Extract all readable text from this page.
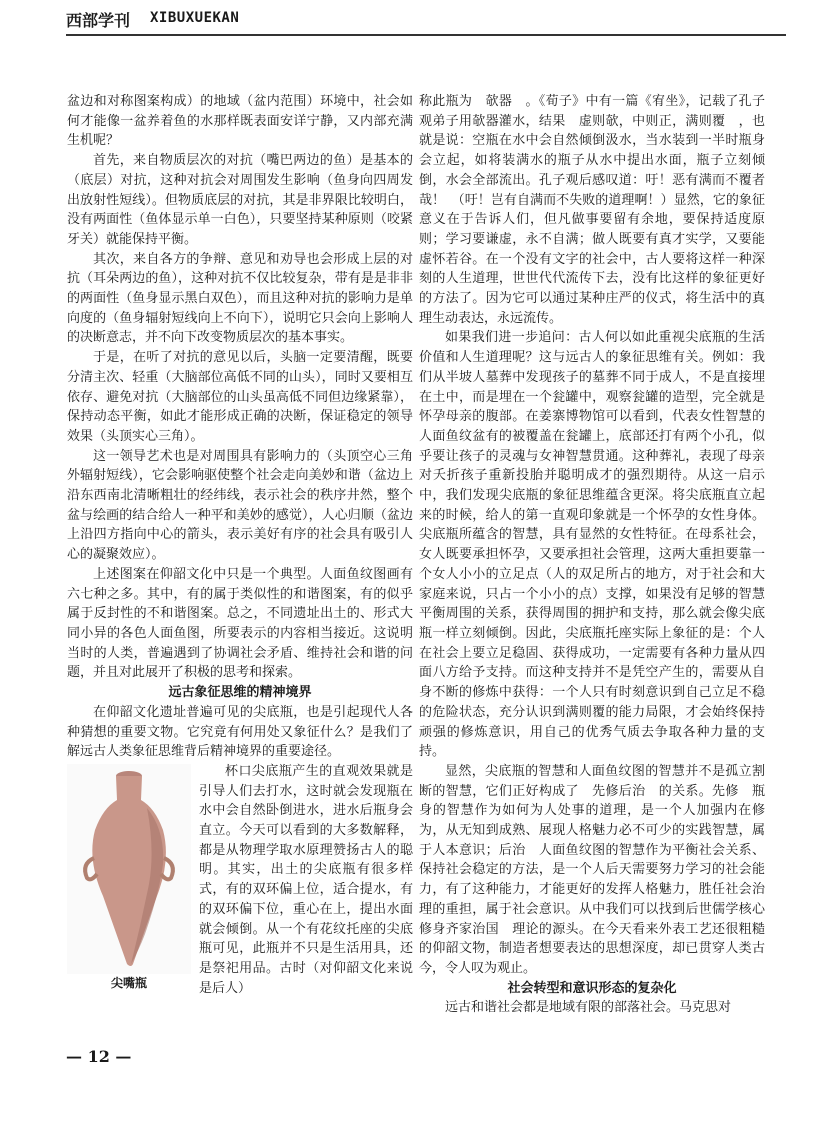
西部学刊 XIBUXUEKAN

盆边和对称图案构成）的地域（盆内范围）环境中，社会如何才能像一盆养着鱼的水那样既表面安详宁静，又内部充满生机呢？

首先，来自物质层次的对抗（嘴巴两边的鱼）是基本的（底层）对抗，这种对抗会对周围发生影响（鱼身向四周发出放射性短线）。但物质底层的对抗，其是非界限比较明白，没有两面性（鱼体显示单一白色），只要坚持某种原则（咬紧牙关）就能保持平衡。

其次，来自各方的争辩、意见和劝导也会形成上层的对抗（耳朵两边的鱼），这种对抗不仅比较复杂，带有是是非非的两面性（鱼身显示黑白双色），而且这种对抗的影响力是单向度的（鱼身辐射短线向上不向下），说明它只会向上影响人的决断意志，并不向下改变物质层次的基本事实。

于是，在听了对抗的意见以后，头脑一定要清醒，既要分清主次、轻重（大脑部位高低不同的山头），同时又要相互依存、避免对抗（大脑部位的山头虽高低不同但边缘紧靠），保持动态平衡，如此才能形成正确的决断，保证稳定的领导效果（头顶实心三角）。

这一领导艺术也是对周围具有影响力的（头顶空心三角外辐射短线），它会影响驱使整个社会走向美妙和谐（盆边上沿东西南北清晰粗壮的经纬线，表示社会的秩序井然，整个盆与绘画的结合给人一种平和美妙的感觉），人心归顺（盆边上沿四方指向中心的箭头，表示美好有序的社会具有吸引人心的凝聚效应）。

上述图案在仰韶文化中只是一个典型。人面鱼纹图画有六七种之多。其中，有的属于类似性的和谐图案，有的似乎属于反封性的不和谐图案。总之，不同遗址出土的、形式大同小异的各色人面鱼图，所要表示的内容相当接近。这说明当时的人类，普遍遇到了协调社会矛盾、维持社会和谐的问题，并且对此展开了积极的思考和探索。

远古象征思维的精神境界

在仰韶文化遗址普遍可见的尖底瓶，也是引起现代人各种猜想的重要文物。它究竟有何用处又象征什么？是我们了解远古人类象征思维背后精神境界的重要途径。

尖嘴瓶

杯口尖底瓶产生的直观效果就是引导人们去打水，这时就会发现瓶在水中会自然卧倒进水，进水后瓶身会直立。今天可以看到的大多数解释，都是从物理学取水原理赞扬古人的聪明。其实，出土的尖底瓶有很多样式，有的双环偏上位，适合提水，有的双环偏下位，重心在上，提出水面就会倾倒。从一个有花纹托座的尖底瓶可见，此瓶并不只是生活用具，还是祭祀用品。古时（对仰韶文化来说是后人）

称此瓶为　欹器　。《荀子》中有一篇《宥坐》，记载了孔子观弟子用欹器灌水，结果　虚则欹，中则正，满则覆　，也就是说：空瓶在水中会自然倾倒汲水，当水装到一半时瓶身会立起，如将装满水的瓶子从水中提出水面，瓶子立刻倾倒，水会全部流出。孔子观后感叹道：吁！恶有满而不覆者哉！　（吁！岂有自满而不失败的道理啊！）显然，它的象征意义在于告诉人们，但凡做事要留有余地，要保持适度原则；学习要谦虚，永不自满；做人既要有真才实学，又要能虚怀若谷。在一个没有文字的社会中，古人要将这样一种深刻的人生道理，世世代代流传下去，没有比这样的象征更好的方法了。因为它可以通过某种庄严的仪式，将生活中的真理生动表达，永远流传。

如果我们进一步追问：古人何以如此重视尖底瓶的生活价值和人生道理呢？这与远古人的象征思维有关。例如：我们从半坡人墓葬中发现孩子的墓葬不同于成人，不是直接埋在土中，而是埋在一个瓮罐中，观察瓮罐的造型，完全就是怀孕母亲的腹部。在姜寨博物馆可以看到，代表女性智慧的人面鱼纹盆有的被覆盖在瓮罐上，底部还打有两个小孔，似乎要让孩子的灵魂与女神智慧贯通。这种葬礼，表现了母亲对夭折孩子重新投胎并聪明成才的强烈期待。从这一启示中，我们发现尖底瓶的象征思维蕴含更深。将尖底瓶直立起来的时候，给人的第一直观印象就是一个怀孕的女性身体。尖底瓶所蕴含的智慧，具有显然的女性特征。在母系社会，女人既要承担怀孕，又要承担社会管理，这两大重担要靠一个女人小小的立足点（人的双足所占的地方，对于社会和大家庭来说，只占一个小小的点）支撑，如果没有足够的智慧平衡周围的关系，获得周围的拥护和支持，那么就会像尖底瓶一样立刻倾倒。因此，尖底瓶托座实际上象征的是：个人在社会上要立足稳固、获得成功，一定需要有各种力量从四面八方给予支持。而这种支持并不是凭空产生的，需要从自身不断的修炼中获得：一个人只有时刻意识到自己立足不稳的危险状态，充分认识到满则覆的能力局限，才会始终保持顽强的修炼意识，用自己的优秀气质去争取各种力量的支持。

显然，尖底瓶的智慧和人面鱼纹图的智慧并不是孤立割断的智慧，它们正好构成了　先修后治　的关系。先修　瓶身的智慧作为如何为人处事的道理，是一个人加强内在修为，从无知到成熟、展现人格魅力必不可少的实践智慧，属于人本意识；后治　人面鱼纹图的智慧作为平衡社会关系、保持社会稳定的方法，是一个人后天需要努力学习的社会能力，有了这种能力，才能更好的发挥人格魅力，胜任社会治理的重担，属于社会意识。从中我们可以找到后世儒学核心　修身齐家治国　理论的源头。在今天看来外表工艺还很粗糙的仰韶文物，制造者想要表达的思想深度，却已贯穿人类古今，令人叹为观止。

社会转型和意识形态的复杂化

远古和谐社会都是地域有限的部落社会。马克思对

— 12 —
